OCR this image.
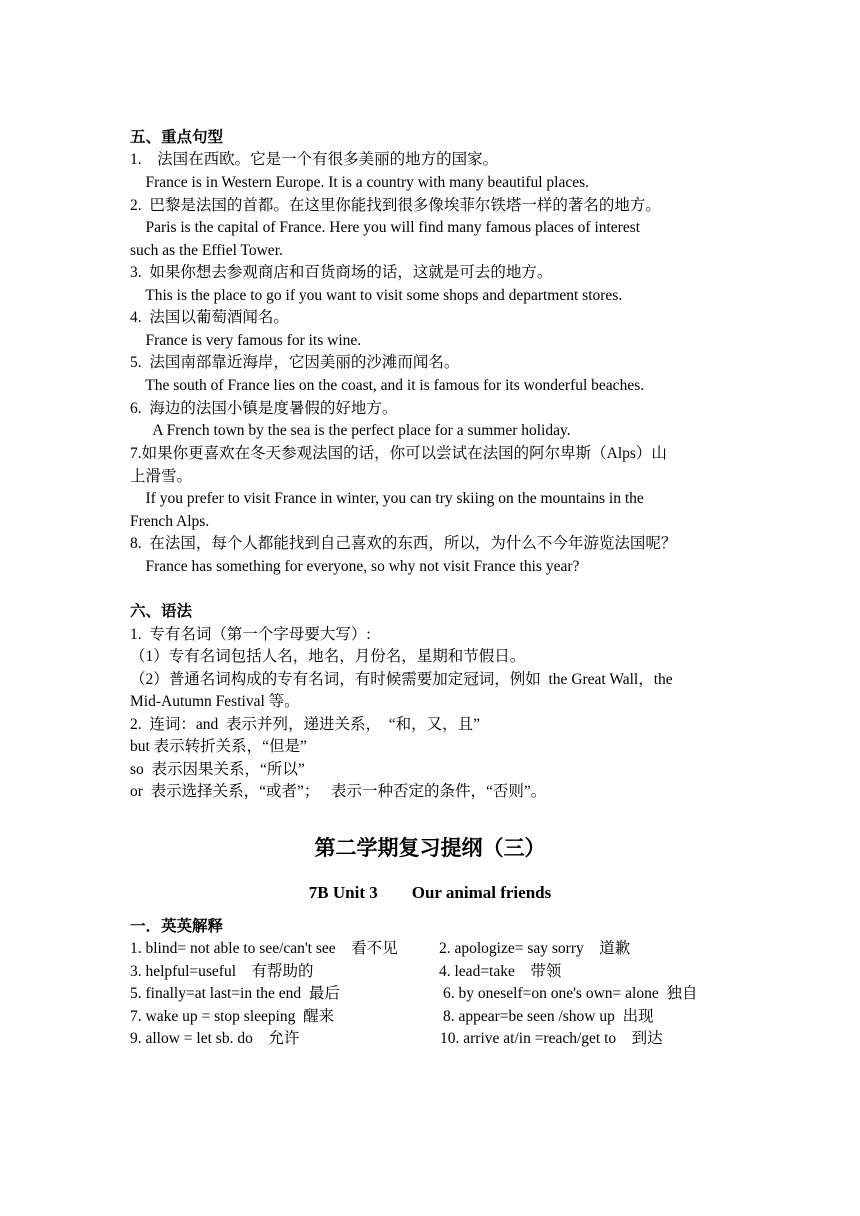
五、重点句型
1.    法国在西欧。它是一个有很多美丽的地方的国家。
France is in Western Europe. It is a country with many beautiful places.
2.  巴黎是法国的首都。在这里你能找到很多像埃菲尔铁塔一样的著名的地方。
Paris is the capital of France. Here you will find many famous places of interest
such as the Effiel Tower.
3.  如果你想去参观商店和百货商场的话，这就是可去的地方。
This is the place to go if you want to visit some shops and department stores.
4.  法国以葡萄酒闻名。
France is very famous for its wine.
5.  法国南部靠近海岸，它因美丽的沙滩而闻名。
The south of France lies on the coast, and it is famous for its wonderful beaches.
6.  海边的法国小镇是度暑假的好地方。
A French town by the sea is the perfect place for a summer holiday.
7.如果你更喜欢在冬天参观法国的话，你可以尝试在法国的阿尔卑斯（Alps）山
上滑雪。
If you prefer to visit France in winter, you can try skiing on the mountains in the
French Alps.
8.  在法国，每个人都能找到自己喜欢的东西，所以，为什么不今年游览法国呢？
France has something for everyone, so why not visit France this year?
六、语法
1.  专有名词（第一个字母要大写）:
（1）专有名词包括人名，地名，月份名，星期和节假日。
（2）普通名词构成的专有名词，有时候需要加定冠词，例如  the Great Wall，the
Mid-Autumn Festival 等。
2.  连词：and  表示并列，递进关系，  “和，又，且”
but 表示转折关系，“但是”
so  表示因果关系，“所以”
or  表示选择关系，“或者”；   表示一种否定的条件，“否则”。
第二学期复习提纲（三）
7B Unit 3        Our animal friends
一．英英解释
1. blind= not able to see/can't see    看不见	2. apologize= say sorry    道歉
3. helpful=useful    有帮助的	4. lead=take    带领
5. finally=at last=in the end  最后	6. by oneself=on one's own= alone  独自
7. wake up = stop sleeping  醒来	8. appear=be seen /show up  出现
9. allow = let sb. do    允许	10. arrive at/in =reach/get to    到达
